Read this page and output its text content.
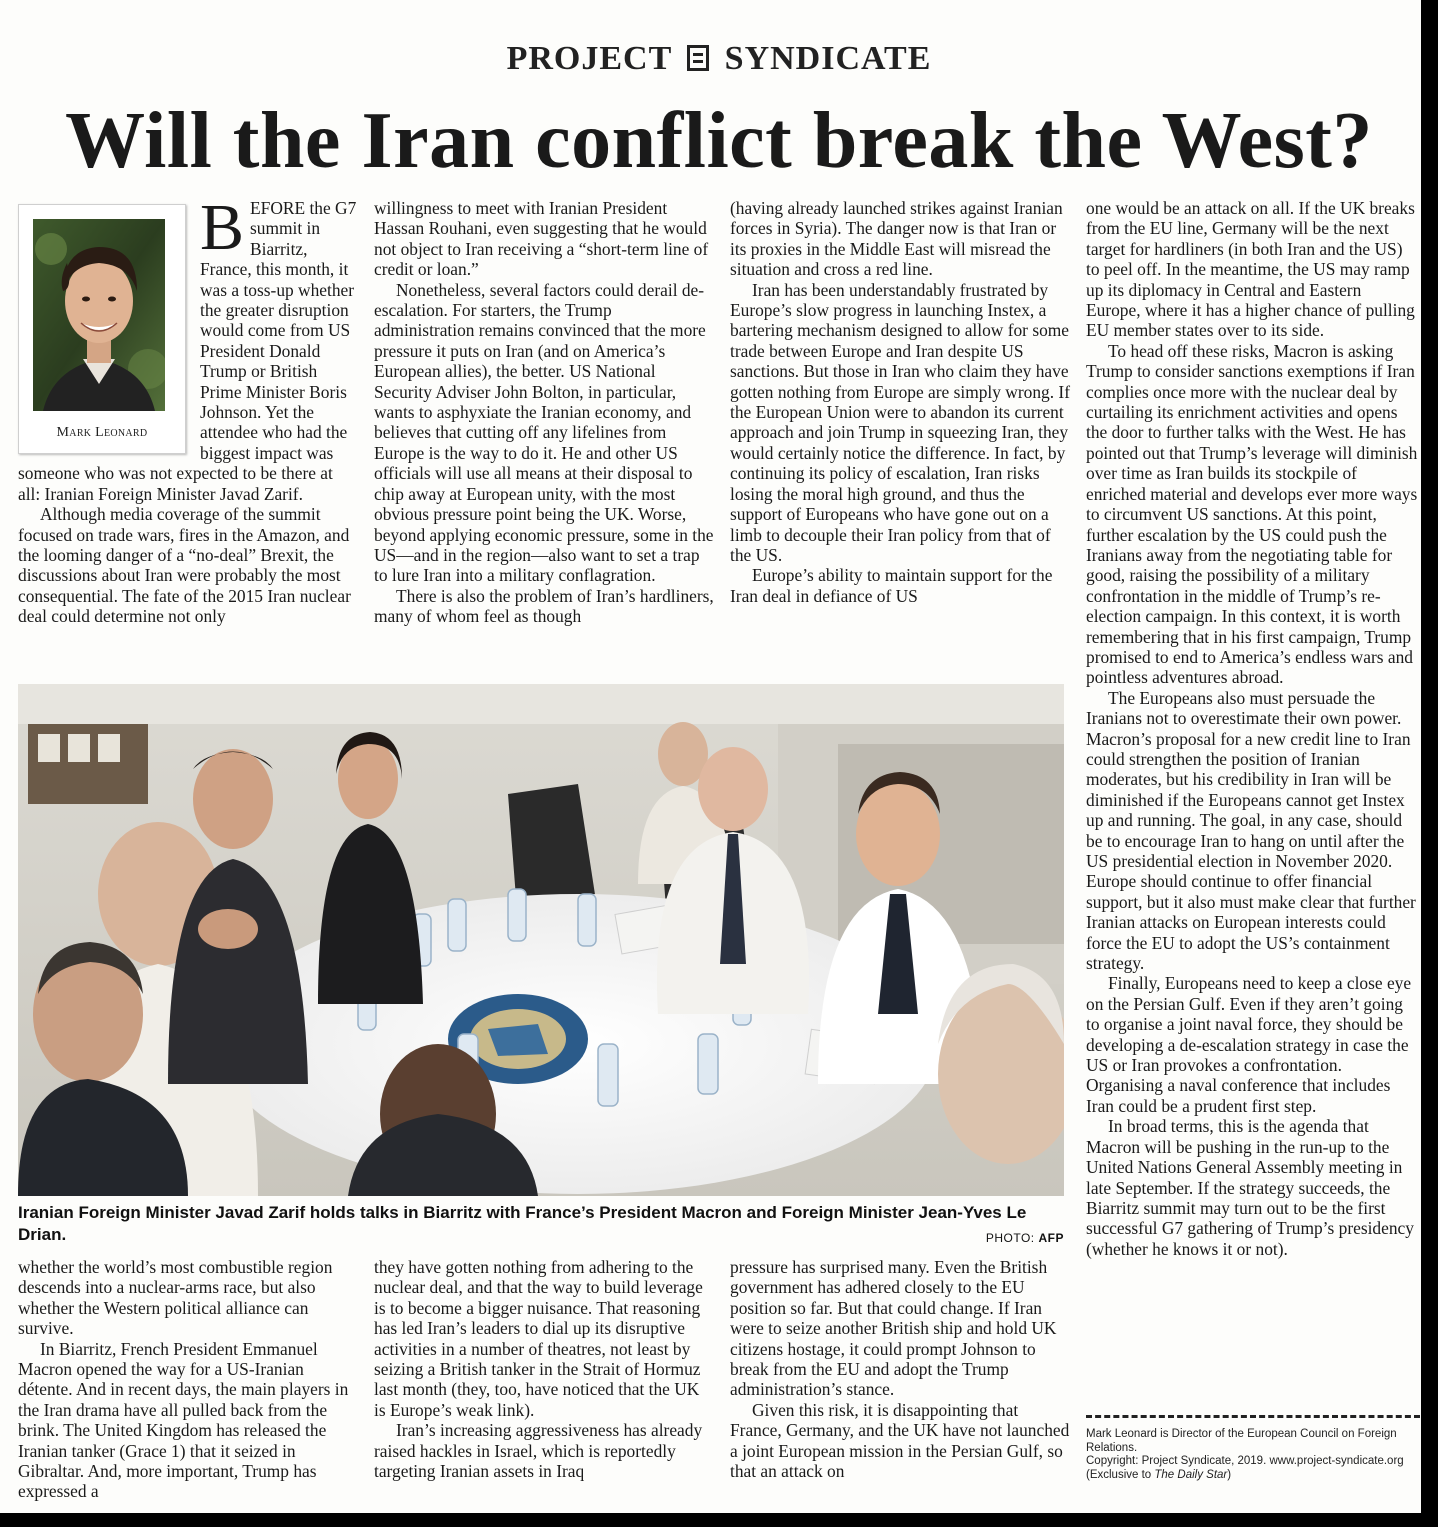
PROJECT SYNDICATE
Will the Iran conflict break the West?
Mark Leonard

BEFORE the G7 summit in Biarritz, France, this month, it was a toss-up whether the greater disruption would come from US President Donald Trump or British Prime Minister Boris Johnson. Yet the attendee who had the biggest impact was someone who was not expected to be there at all: Iranian Foreign Minister Javad Zarif.

Although media coverage of the summit focused on trade wars, fires in the Amazon, and the looming danger of a “no-deal” Brexit, the discussions about Iran were probably the most consequential. The fate of the 2015 Iran nuclear deal could determine not only

willingness to meet with Iranian President Hassan Rouhani, even suggesting that he would not object to Iran receiving a “short-term line of credit or loan.”

Nonetheless, several factors could derail de-escalation. For starters, the Trump administration remains convinced that the more pressure it puts on Iran (and on America’s European allies), the better. US National Security Adviser John Bolton, in particular, wants to asphyxiate the Iranian economy, and believes that cutting off any lifelines from Europe is the way to do it. He and other US officials will use all means at their disposal to chip away at European unity, with the most obvious pressure point being the UK. Worse, beyond applying economic pressure, some in the US—and in the region—also want to set a trap to lure Iran into a military conflagration.

There is also the problem of Iran’s hardliners, many of whom feel as though

(having already launched strikes against Iranian forces in Syria). The danger now is that Iran or its proxies in the Middle East will misread the situation and cross a red line.

Iran has been understandably frustrated by Europe’s slow progress in launching Instex, a bartering mechanism designed to allow for some trade between Europe and Iran despite US sanctions. But those in Iran who claim they have gotten nothing from Europe are simply wrong. If the European Union were to abandon its current approach and join Trump in squeezing Iran, they would certainly notice the difference. In fact, by continuing its policy of escalation, Iran risks losing the moral high ground, and thus the support of Europeans who have gone out on a limb to decouple their Iran policy from that of the US.

Europe’s ability to maintain support for the Iran deal in defiance of US

one would be an attack on all. If the UK breaks from the EU line, Germany will be the next target for hardliners (in both Iran and the US) to peel off. In the meantime, the US may ramp up its diplomacy in Central and Eastern Europe, where it has a higher chance of pulling EU member states over to its side.

To head off these risks, Macron is asking Trump to consider sanctions exemptions if Iran complies once more with the nuclear deal by curtailing its enrichment activities and opens the door to further talks with the West. He has pointed out that Trump’s leverage will diminish over time as Iran builds its stockpile of enriched material and develops ever more ways to circumvent US sanctions. At this point, further escalation by the US could push the Iranians away from the negotiating table for good, raising the possibility of a military confrontation in the middle of Trump’s re-election campaign. In this context, it is worth remembering that in his first campaign, Trump promised to end to America’s endless wars and pointless adventures abroad.

The Europeans also must persuade the Iranians not to overestimate their own power. Macron’s proposal for a new credit line to Iran could strengthen the position of Iranian moderates, but his credibility in Iran will be diminished if the Europeans cannot get Instex up and running. The goal, in any case, should be to encourage Iran to hang on until after the US presidential election in November 2020. Europe should continue to offer financial support, but it also must make clear that further Iranian attacks on European interests could force the EU to adopt the US’s containment strategy.

Finally, Europeans need to keep a close eye on the Persian Gulf. Even if they aren’t going to organise a joint naval force, they should be developing a de-escalation strategy in case the US or Iran provokes a confrontation. Organising a naval conference that includes Iran could be a prudent first step.

In broad terms, this is the agenda that Macron will be pushing in the run-up to the United Nations General Assembly meeting in late September. If the strategy succeeds, the Biarritz summit may turn out to be the first successful G7 gathering of Trump’s presidency (whether he knows it or not).

Iranian Foreign Minister Javad Zarif holds talks in Biarritz with France’s President Macron and Foreign Minister Jean-Yves Le Drian.	PHOTO: AFP

whether the world’s most combustible region descends into a nuclear-arms race, but also whether the Western political alliance can survive.

In Biarritz, French President Emmanuel Macron opened the way for a US-Iranian détente. And in recent days, the main players in the Iran drama have all pulled back from the brink. The United Kingdom has released the Iranian tanker (Grace 1) that it seized in Gibraltar. And, more important, Trump has expressed a

they have gotten nothing from adhering to the nuclear deal, and that the way to build leverage is to become a bigger nuisance. That reasoning has led Iran’s leaders to dial up its disruptive activities in a number of theatres, not least by seizing a British tanker in the Strait of Hormuz last month (they, too, have noticed that the UK is Europe’s weak link).

Iran’s increasing aggressiveness has already raised hackles in Israel, which is reportedly targeting Iranian assets in Iraq

pressure has surprised many. Even the British government has adhered closely to the EU position so far. But that could change. If Iran were to seize another British ship and hold UK citizens hostage, it could prompt Johnson to break from the EU and adopt the Trump administration’s stance.

Given this risk, it is disappointing that France, Germany, and the UK have not launched a joint European mission in the Persian Gulf, so that an attack on

Mark Leonard is Director of the European Council on Foreign Relations.
Copyright: Project Syndicate, 2019. www.project-syndicate.org
(Exclusive to The Daily Star)
